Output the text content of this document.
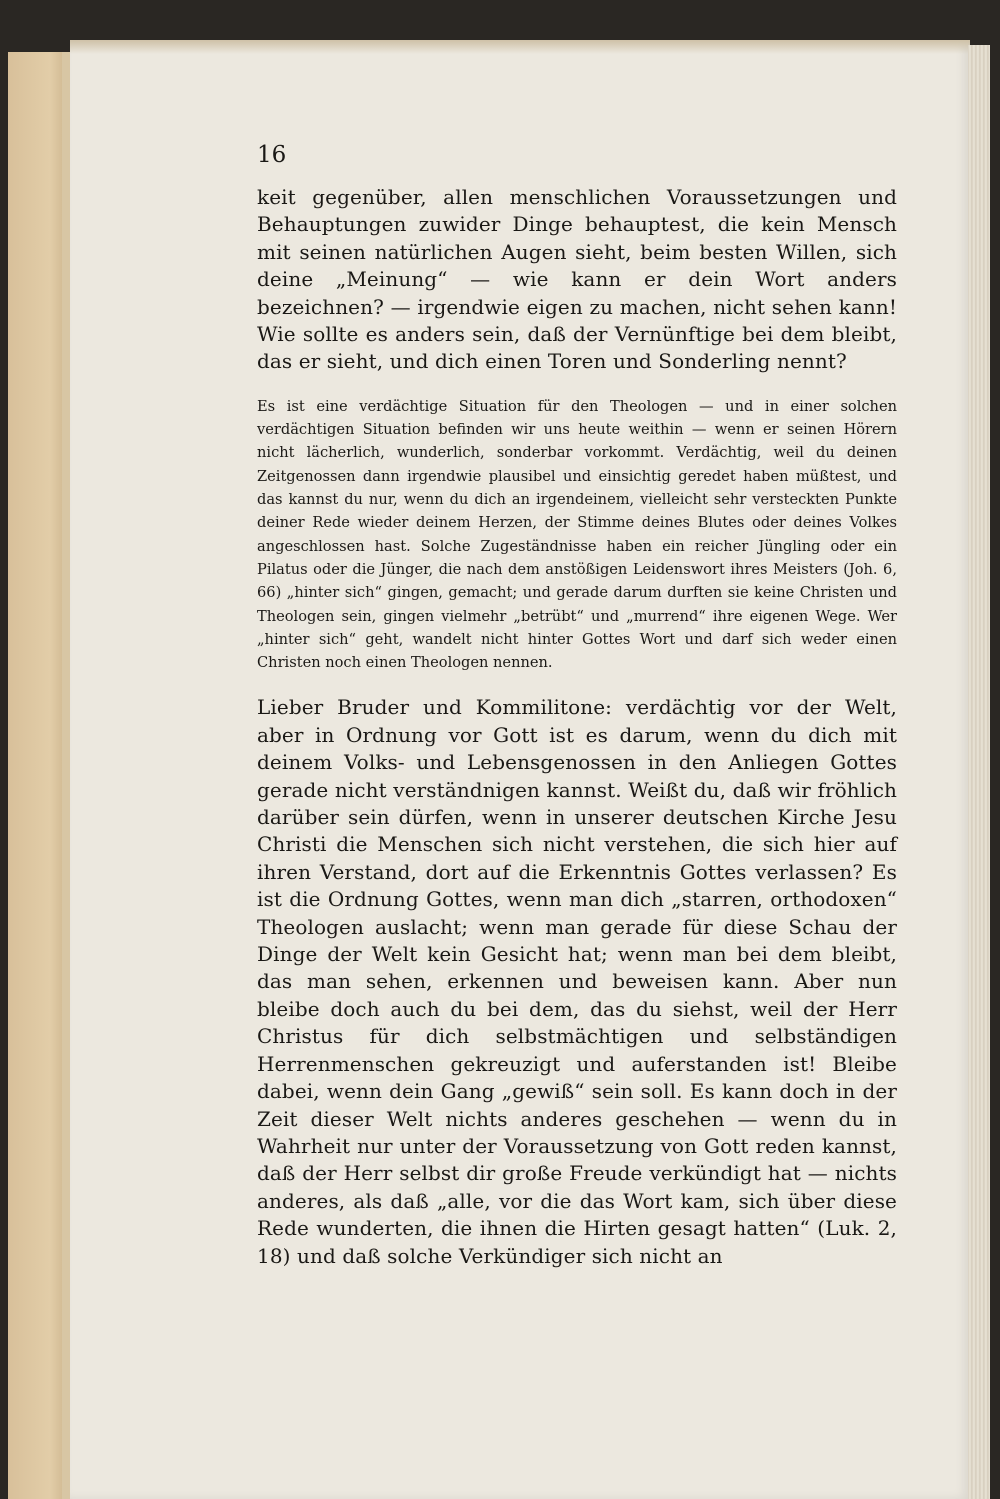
16

keit gegenüber, allen menschlichen Voraussetzungen und Behauptungen zuwider Dinge behauptest, die kein Mensch mit seinen natürlichen Augen sieht, beim besten Willen, sich deine „Meinung“ — wie kann er dein Wort anders bezeichnen? — irgendwie eigen zu machen, nicht sehen kann! Wie sollte es anders sein, daß der Vernünftige bei dem bleibt, das er sieht, und dich einen Toren und Sonderling nennt?

Es ist eine verdächtige Situation für den Theologen — und in einer solchen verdächtigen Situation befinden wir uns heute weithin — wenn er seinen Hörern nicht lächerlich, wunderlich, sonderbar vorkommt. Verdächtig, weil du deinen Zeitgenossen dann irgendwie plausibel und einsichtig geredet haben müßtest, und das kannst du nur, wenn du dich an irgendeinem, vielleicht sehr versteckten Punkte deiner Rede wieder deinem Herzen, der Stimme deines Blutes oder deines Volkes angeschlossen hast. Solche Zugeständnisse haben ein reicher Jüngling oder ein Pilatus oder die Jünger, die nach dem anstößigen Leidenswort ihres Meisters (Joh. 6, 66) „hinter sich“ gingen, gemacht; und gerade darum durften sie keine Christen und Theologen sein, gingen vielmehr „betrübt“ und „murrend“ ihre eigenen Wege. Wer „hinter sich“ geht, wandelt nicht hinter Gottes Wort und darf sich weder einen Christen noch einen Theologen nennen.

Lieber Bruder und Kommilitone: verdächtig vor der Welt, aber in Ordnung vor Gott ist es darum, wenn du dich mit deinem Volks- und Lebensgenossen in den Anliegen Gottes gerade nicht verständnigen kannst. Weißt du, daß wir fröhlich darüber sein dürfen, wenn in unserer deutschen Kirche Jesu Christi die Menschen sich nicht verstehen, die sich hier auf ihren Verstand, dort auf die Erkenntnis Gottes verlassen? Es ist die Ordnung Gottes, wenn man dich „starren, orthodoxen“ Theologen auslacht; wenn man gerade für diese Schau der Dinge der Welt kein Gesicht hat; wenn man bei dem bleibt, das man sehen, erkennen und beweisen kann. Aber nun bleibe doch auch du bei dem, das du siehst, weil der Herr Christus für dich selbstmächtigen und selbständigen Herrenmenschen gekreuzigt und auferstanden ist! Bleibe dabei, wenn dein Gang „gewiß“ sein soll. Es kann doch in der Zeit dieser Welt nichts anderes geschehen — wenn du in Wahrheit nur unter der Voraussetzung von Gott reden kannst, daß der Herr selbst dir große Freude verkündigt hat — nichts anderes, als daß „alle, vor die das Wort kam, sich über diese Rede wunderten, die ihnen die Hirten gesagt hatten“ (Luk. 2, 18) und daß solche Verkündiger sich nicht an
